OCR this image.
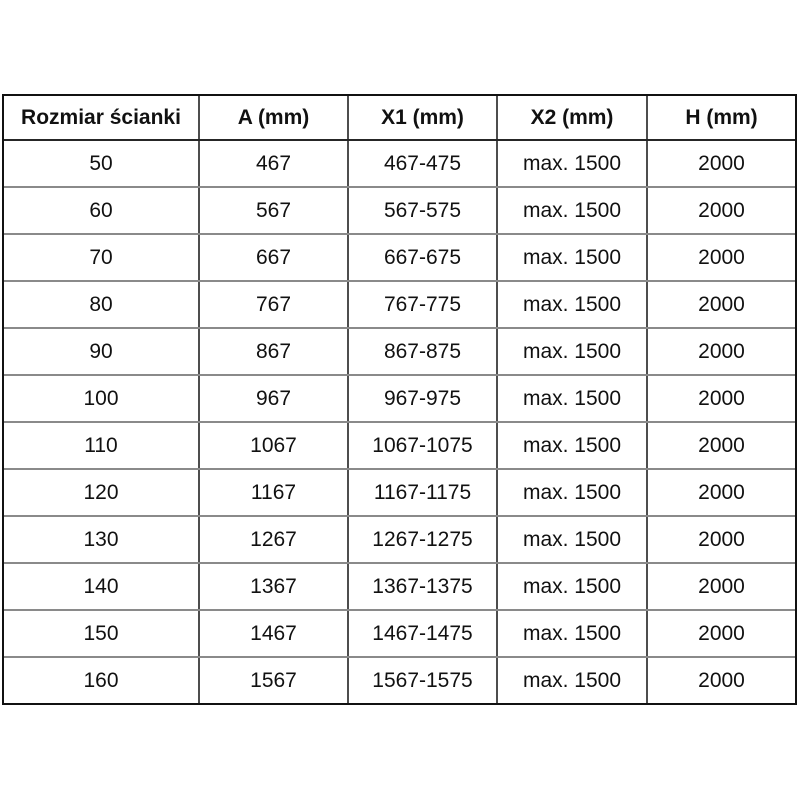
Rozmiar ścianki	A (mm)	X1 (mm)	X2 (mm)	H (mm)
50	467	467-475	max. 1500	2000
60	567	567-575	max. 1500	2000
70	667	667-675	max. 1500	2000
80	767	767-775	max. 1500	2000
90	867	867-875	max. 1500	2000
100	967	967-975	max. 1500	2000
110	1067	1067-1075	max. 1500	2000
120	1167	1167-1175	max. 1500	2000
130	1267	1267-1275	max. 1500	2000
140	1367	1367-1375	max. 1500	2000
150	1467	1467-1475	max. 1500	2000
160	1567	1567-1575	max. 1500	2000
